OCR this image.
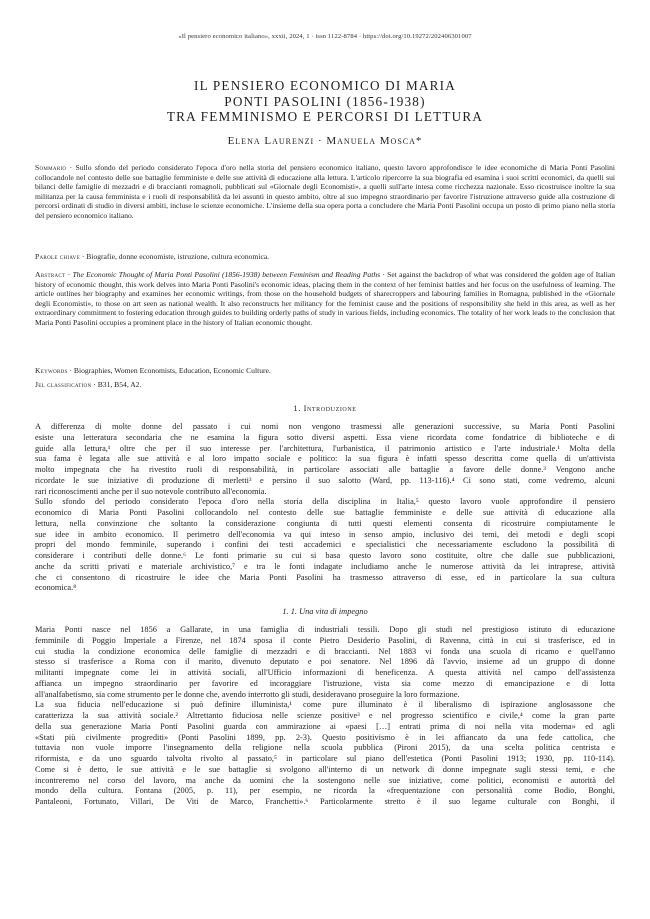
«Il pensiero economico italiano», xxxii, 2024, 1 · issn 1122-8784 · https://doi.org/10.19272/202406301007
IL PENSIERO ECONOMICO DI MARIA
PONTI PASOLINI (1856-1938)
TRA FEMMINISMO E PERCORSI DI LETTURA
Elena Laurenzi · Manuela Mosca*
Sommario · Sullo sfondo del periodo considerato l'epoca d'oro nella storia del pensiero economico italiano, questo lavoro approfondisce le idee economiche di Maria Ponti Pasolini collocandole nel contesto delle sue battaglie femministe e delle sue attività di educazione alla lettura. L'articolo ripercorre la sua biografia ed esamina i suoi scritti economici, da quelli sui bilanci delle famiglie di mezzadri e di braccianti romagnoli, pubblicati sul «Giornale degli Economisti», a quelli sull'arte intesa come ricchezza nazionale. Esso ricostruisce inoltre la sua militanza per la causa femminista e i ruoli di responsabilità da lei assunti in questo ambito, oltre al suo impegno straordinario per favorire l'istruzione attraverso guide alla costruzione di percorsi ordinati di studio in diversi ambiti, incluse le scienze economiche. L'insieme della sua opera porta a concludere che Maria Ponti Pasolini occupa un posto di primo piano nella storia del pensiero economico italiano.
Parole chiave · Biografie, donne economiste, istruzione, cultura economica.
Abstract · The Economic Thought of Maria Ponti Pasolini (1856-1938) between Feminism and Reading Paths · Set against the backdrop of what was considered the golden age of Italian history of economic thought, this work delves into Maria Ponti Pasolini's economic ideas, placing them in the context of her feminist battles and her focus on the usefulness of learning. The article outlines her biography and examines her economic writings, from those on the household budgets of sharecroppers and labouring families in Romagna, published in the «Giornale degli Economisti», to those on art seen as national wealth. It also reconstructs her militancy for the feminist cause and the positions of responsibility she held in this area, as well as her extraordinary commitment to fostering education through guides to building orderly paths of study in various fields, including economics. The totality of her work leads to the conclusion that Maria Ponti Pasolini occupies a prominent place in the history of Italian economic thought.
Keywords · Biographies, Women Economists, Education, Economic Culture.
Jel classification · B31, B54, A2.
1. Introduzione
A differenza di molte donne del passato i cui nomi non vengono trasmessi alle generazioni successive, su Maria Ponti Pasolini
esiste una letteratura secondaria che ne esamina la figura sotto diversi aspetti. Essa viene ricordata come fondatrice di biblioteche e di
guide alla lettura,¹ oltre che per il suo interesse per l'architettura, l'urbanistica, il patrimonio artistico e l'arte industriale.¹ Molta della
sua fama è legata alle sue attività e al loro impatto sociale e politico: la sua figura è infatti spesso descritta come quella di un'attivista
molto impegnata che ha rivestito ruoli di responsabilità, in particolare associati alle battaglie a favore delle donne.³ Vengono anche
ricordate le sue iniziative di produzione di merletti³ e persino il suo salotto (Ward, pp. 113-116).⁴ Ci sono stati, come vedremo, alcuni
rari riconoscimenti anche per il suo notevole contributo all'economia.
Sullo sfondo del periodo considerato l'epoca d'oro nella storia della disciplina in Italia,⁵ questo lavoro vuole approfondire il pensiero
economico di Maria Ponti Pasolini collocandolo nel contesto delle sue battaglie femministe e delle sue attività di educazione alla
lettura, nella convinzione che soltanto la considerazione congiunta di tutti questi elementi consenta di ricostruire compiutamente le
sue idee in ambito economico. Il perimetro dell'economia va qui inteso in senso ampio, inclusivo dei temi, dei metodi e degli scopi
propri del mondo femminile, superando i confini dei testi accademici e specialistici che necessariamente escludono la possibilità di
considerare i contributi delle donne.⁶ Le fonti primarie su cui si basa questo lavoro sono costituite, oltre che dalle sue pubblicazioni,
anche da scritti privati e materiale archivistico,⁷ e tra le fonti indagate includiamo anche le numerose attività da lei intraprese, attività
che ci consentono di ricostruire le idee che Maria Ponti Pasolini ha trasmesso attraverso di esse, ed in particolare la sua cultura
economica.⁸
1. 1. Una vita di impegno
Maria Ponti nasce nel 1856 a Gallarate, in una famiglia di industriali tessili. Dopo gli studi nel prestigioso istituto di educazione
femminile di Poggio Imperiale a Firenze, nel 1874 sposa il conte Pietro Desiderio Pasolini, di Ravenna, città in cui si trasferisce, ed in
cui studia la condizione economica delle famiglie di mezzadri e di braccianti. Nel 1883 vi fonda una scuola di ricamo e quell'anno
stesso si trasferisce a Roma con il marito, divenuto deputato e poi senatore. Nel 1896 dà l'avvio, insieme ad un gruppo di donne
militanti impegnate come lei in attività sociali, all'Ufficio informazioni di beneficenza. A questa attività nel campo dell'assistenza
affianca un impegno straordinario per favorire ed incoraggiare l'istruzione, vista sia come mezzo di emancipazione e di lotta
all'analfabetismo, sia come strumento per le donne che, avendo interrotto gli studi, desideravano proseguire la loro formazione.
La sua fiducia nell'educazione si può definire illuminista,¹ come pure illuminato è il liberalismo di ispirazione anglosassone che
caratterizza la sua attività sociale.² Altrettanto fiduciosa nelle scienze positive³ e nel progresso scientifico e civile,⁴ come la gran parte
della sua generazione Maria Ponti Pasolini guarda con ammirazione ai «paesi […] entrati prima di noi nella vita moderna» ed agli
«Stati più civilmente progrediti» (Ponti Pasolini 1899, pp. 2-3). Questo positivismo è in lei affiancato da una fede cattolica, che
tuttavia non vuole imporre l'insegnamento della religione nella scuola pubblica (Pironi 2015), da una scelta politica centrista e
riformista, e da uno sguardo talvolta rivolto al passato,⁵ in particolare sul piano dell'estetica (Ponti Pasolini 1913; 1930, pp. 110-114).
Come si è detto, le sue attività e le sue battaglie si svolgono all'interno di un network di donne impegnate sugli stessi temi, e che
incontreremo nel corso del lavoro, ma anche da uomini che la sostengono nelle sue iniziative, come politici, economisti e autorità del
mondo della cultura. Fontana (2005, p. 11), per esempio, ne ricorda la «frequentazione con personalità come Bodio, Bonghi,
Pantaleoni, Fortunato, Villari, De Viti de Marco, Franchetti».⁶ Particolarmente stretto è il suo legame culturale con Bonghi, il
